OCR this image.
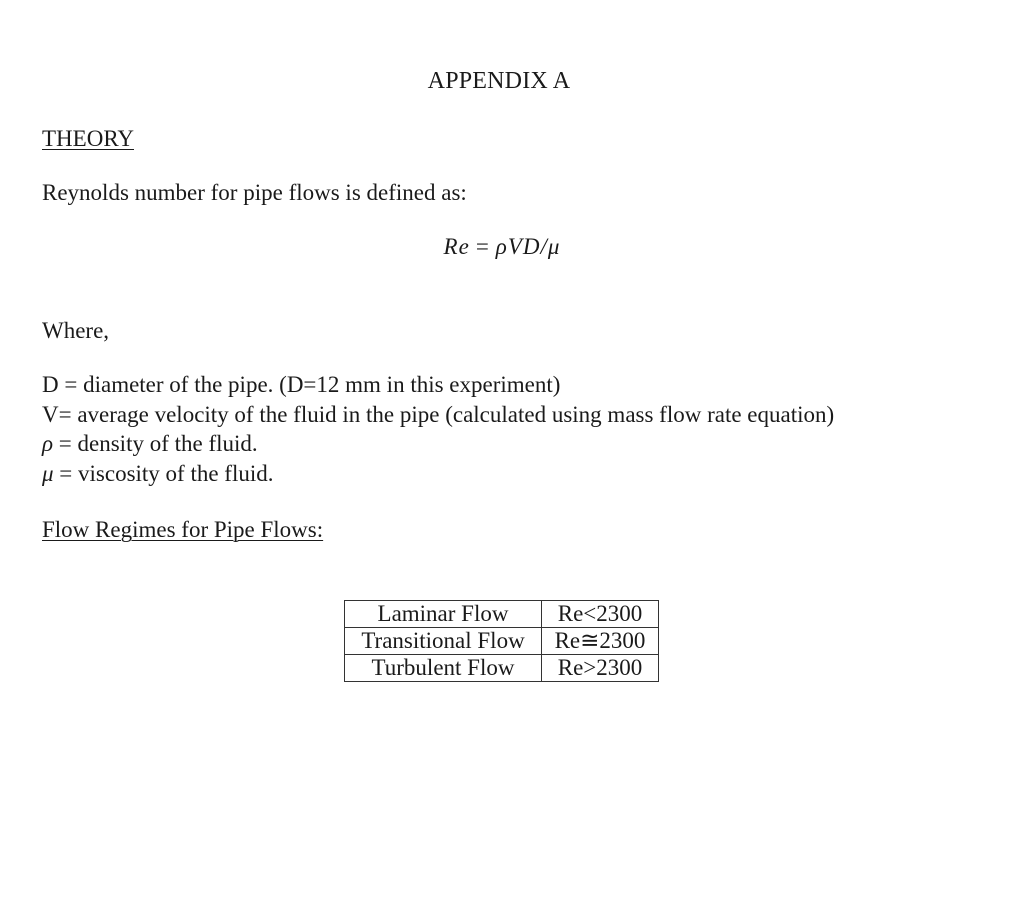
APPENDIX A
THEORY
Reynolds number for pipe flows is defined as:
Re = ρVD/μ
Where,
D = diameter of the pipe. (D=12 mm in this experiment)
V= average velocity of the fluid in the pipe (calculated using mass flow rate equation)
ρ = density of the fluid.
μ = viscosity of the fluid.
Flow Regimes for Pipe Flows:
Laminar Flow	Re<2300
Transitional Flow	Re≅2300
Turbulent Flow	Re>2300
